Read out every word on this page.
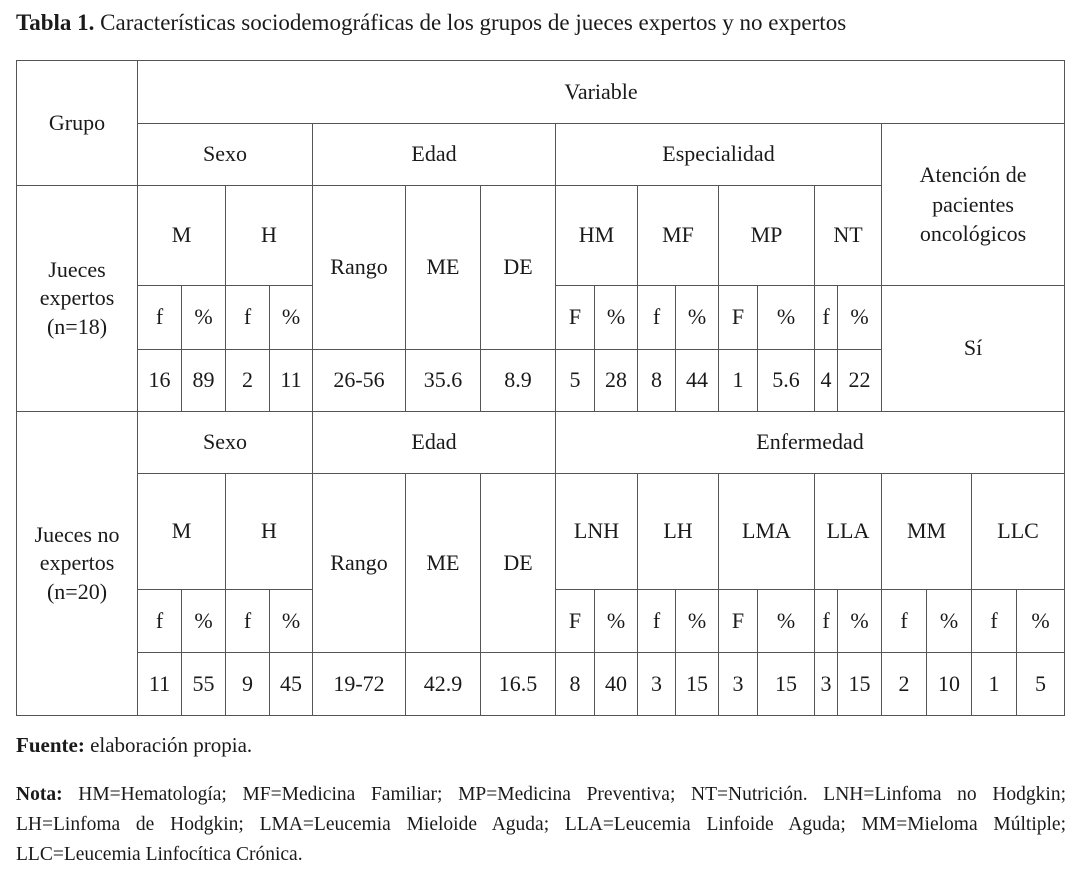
Tabla 1. Características sociodemográficas de los grupos de jueces expertos y no expertos
Grupo	Variable																		
	Sexo				Edad			Especialidad								Atención de pacientes oncológicos			

Jueces
expertos
(n=18)	M		H		Rango	ME	DE	HM		MF		MP		NT					
	f	%	f	%				F	%	f	%	F	%	f	%	Sí			
	16	89	2	11	26-56	35.6	8.9	5	28	8	44	1	5.6	4	22				

Jueces no
expertos
(n=20)	Sexo				Edad			Enfermedad											
	M		H		Rango	ME	DE	LNH		LH		LMA		LLA		MM		LLC	
	f	%	f	%				F	%	f	%	F	%	f	%	f	%	f	%
	11	55	9	45	19-72	42.9	16.5	8	40	3	15	3	15	3	15	2	10	1	5
Fuente: elaboración propia.
Nota: HM=Hematología; MF=Medicina Familiar; MP=Medicina Preventiva; NT=Nutrición. LNH=Linfoma no Hodgkin; LH=Linfoma de Hodgkin; LMA=Leucemia Mieloide Aguda; LLA=Leucemia Linfoide Aguda; MM=Mieloma Múltiple; LLC=Leucemia Linfocítica Crónica.
